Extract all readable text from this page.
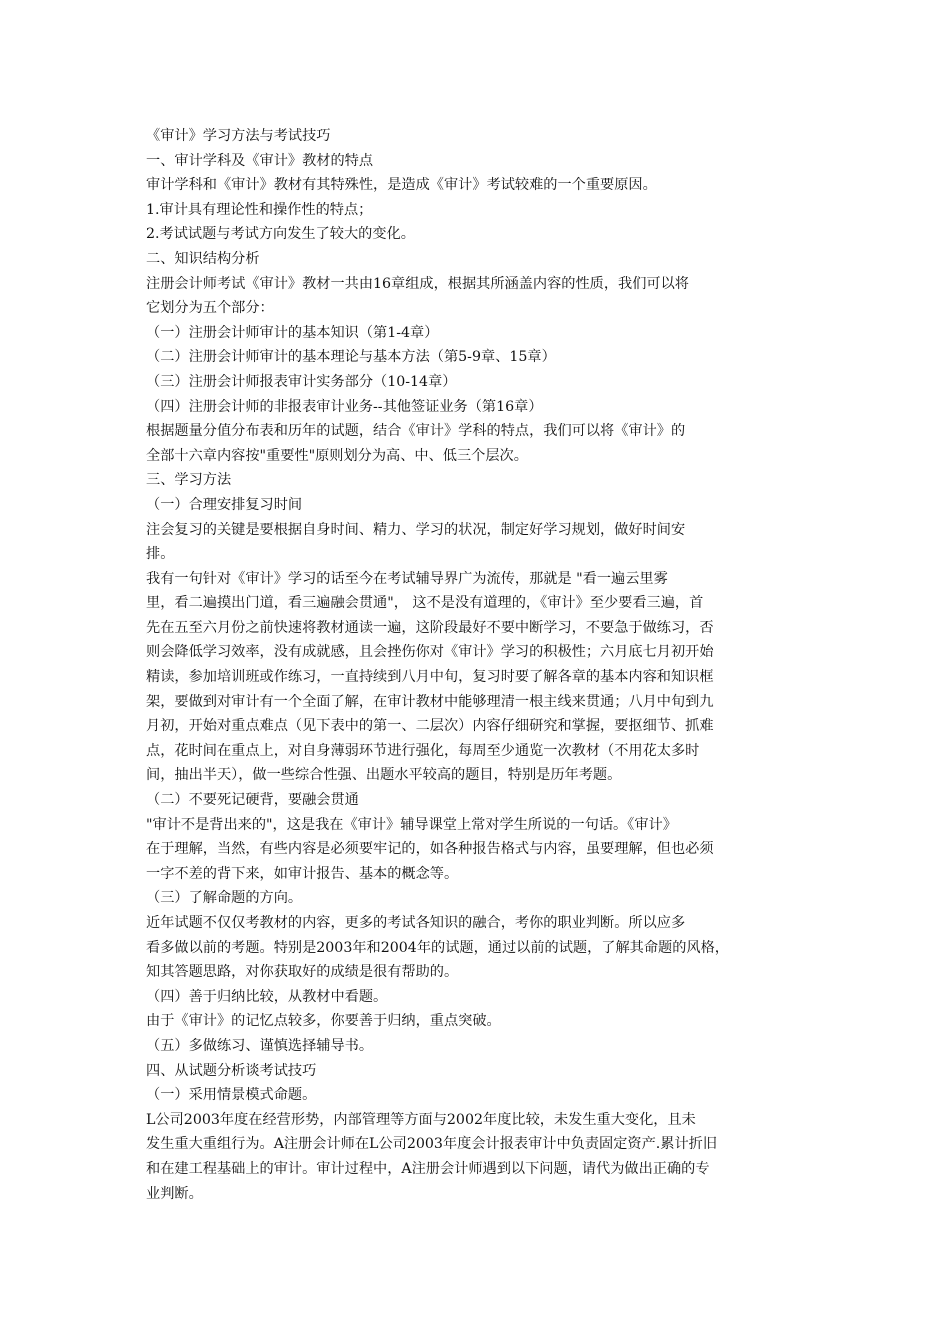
《审计》学习方法与考试技巧
一、审计学科及《审计》教材的特点
审计学科和《审计》教材有其特殊性，是造成《审计》考试较难的一个重要原因。
1.审计具有理论性和操作性的特点；
2.考试试题与考试方向发生了较大的变化。
二、知识结构分析
注册会计师考试《审计》教材一共由16章组成，根据其所涵盖内容的性质，我们可以将
它划分为五个部分：
（一）注册会计师审计的基本知识（第1-4章）
（二）注册会计师审计的基本理论与基本方法（第5-9章、15章）
（三）注册会计师报表审计实务部分（10-14章）
（四）注册会计师的非报表审计业务--其他签证业务（第16章）
根据题量分值分布表和历年的试题，结合《审计》学科的特点，我们可以将《审计》的
全部十六章内容按"重要性"原则划分为高、中、低三个层次。
三、学习方法
（一）合理安排复习时间
注会复习的关键是要根据自身时间、精力、学习的状况，制定好学习规划，做好时间安
排。
我有一句针对《审计》学习的话至今在考试辅导界广为流传，那就是 "看一遍云里雾
里，看二遍摸出门道，看三遍融会贯通"， 这不是没有道理的，《审计》至少要看三遍，首
先在五至六月份之前快速将教材通读一遍，这阶段最好不要中断学习，不要急于做练习，否
则会降低学习效率，没有成就感，且会挫伤你对《审计》学习的积极性；六月底七月初开始
精读，参加培训班或作练习，一直持续到八月中旬，复习时要了解各章的基本内容和知识框
架，要做到对审计有一个全面了解，在审计教材中能够理清一根主线来贯通；八月中旬到九
月初，开始对重点难点（见下表中的第一、二层次）内容仔细研究和掌握，要抠细节、抓难
点，花时间在重点上，对自身薄弱环节进行强化，每周至少通览一次教材（不用花太多时
间，抽出半天），做一些综合性强、出题水平较高的题目，特别是历年考题。
（二）不要死记硬背，要融会贯通
"审计不是背出来的"，这是我在《审计》辅导课堂上常对学生所说的一句话。《审计》
在于理解，当然，有些内容是必须要牢记的，如各种报告格式与内容，虽要理解，但也必须
一字不差的背下来，如审计报告、基本的概念等。
（三）了解命题的方向。
近年试题不仅仅考教材的内容，更多的考试各知识的融合，考你的职业判断。所以应多
看多做以前的考题。特别是2003年和2004年的试题，通过以前的试题，了解其命题的风格，
知其答题思路，对你获取好的成绩是很有帮助的。
（四）善于归纳比较，从教材中看题。
由于《审计》的记忆点较多，你要善于归纳，重点突破。
（五）多做练习、谨慎选择辅导书。
四、从试题分析谈考试技巧
（一）采用情景模式命题。
L公司2003年度在经营形势，内部管理等方面与2002年度比较，未发生重大变化，且未
发生重大重组行为。A注册会计师在L公司2003年度会计报表审计中负责固定资产.累计折旧
和在建工程基础上的审计。审计过程中，A注册会计师遇到以下问题，请代为做出正确的专
业判断。
